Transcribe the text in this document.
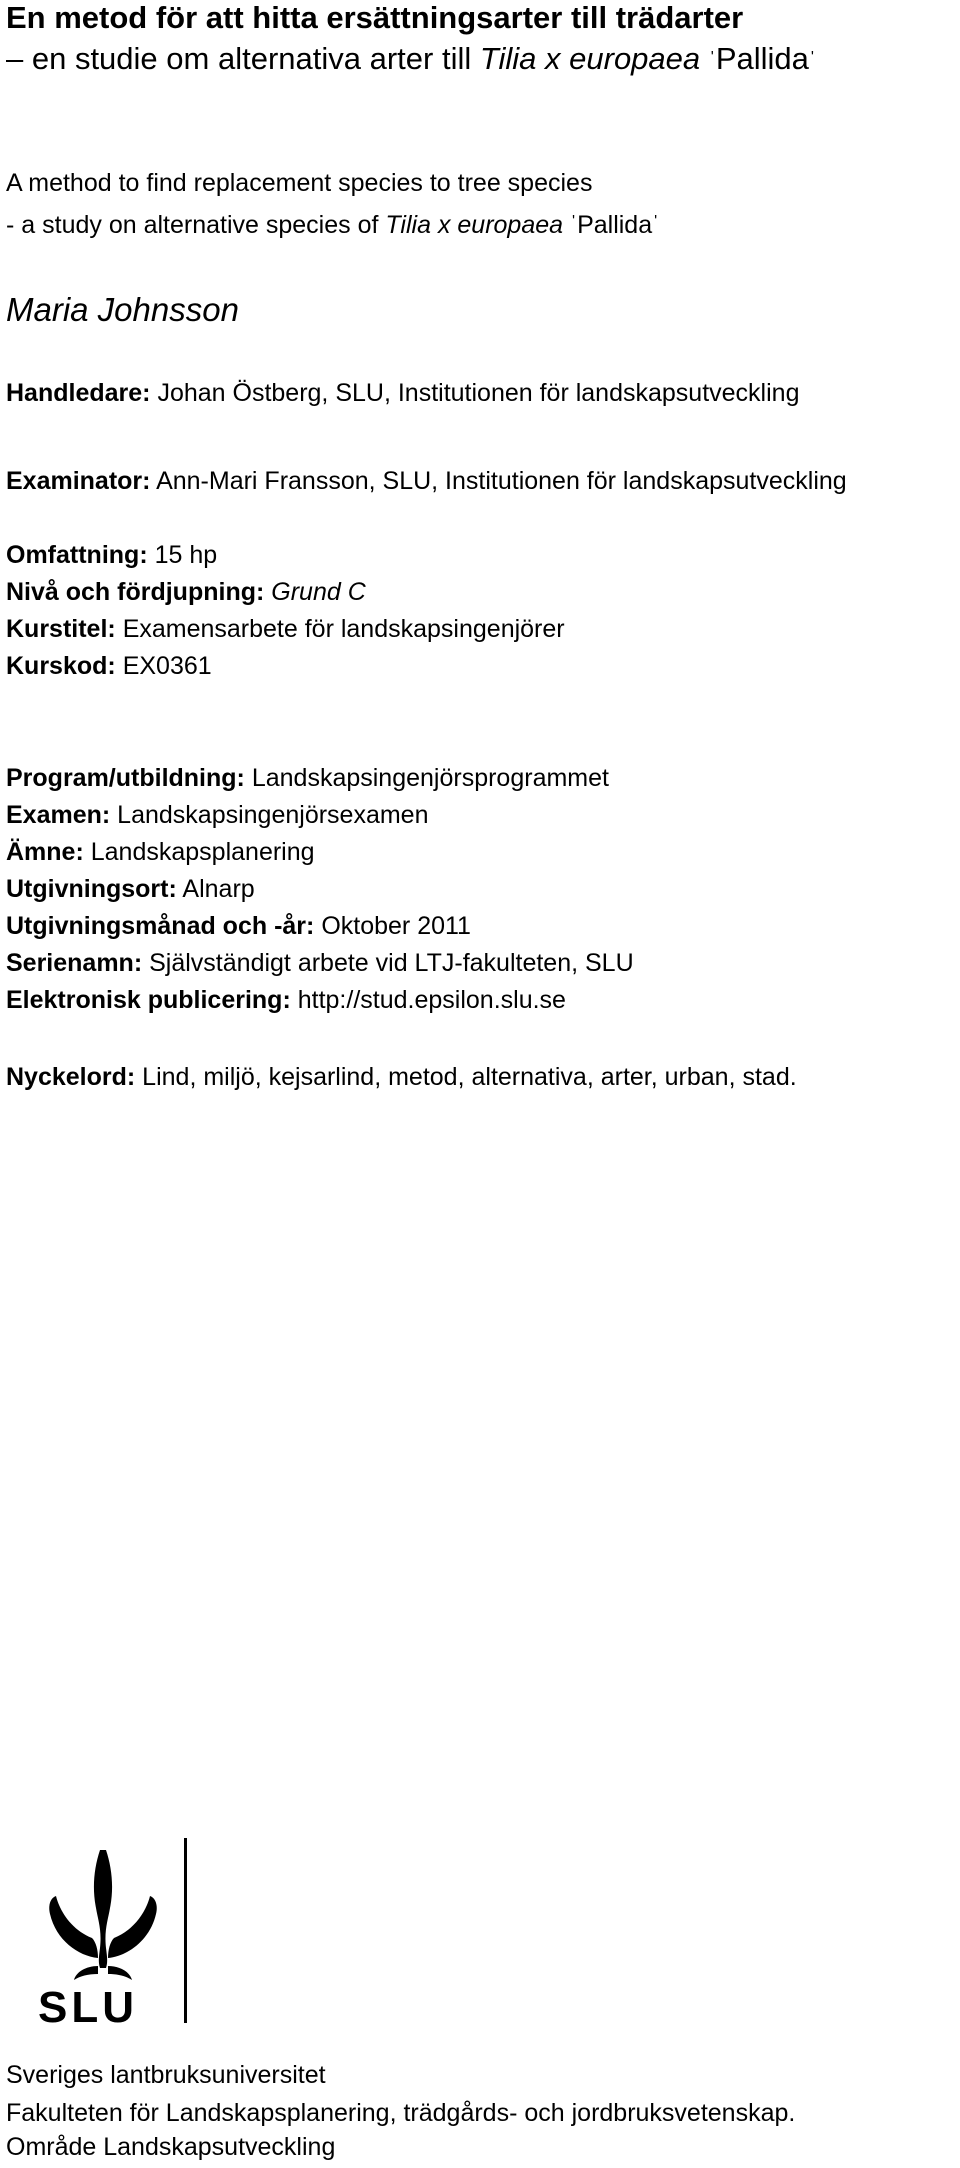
En metod för att hitta ersättningsarter till trädarter
– en studie om alternativa arter till Tilia x europaea 'Pallida '
A method to find replacement species to tree species
- a study on alternative species of Tilia x europaea 'Pallida '
Maria Johnsson
Handledare: Johan Östberg, SLU, Institutionen för landskapsutveckling
Examinator: Ann-Mari Fransson, SLU, Institutionen för landskapsutveckling
Omfattning: 15 hp
Nivå och fördjupning: Grund C
Kurstitel: Examensarbete för landskapsingenjörer
Kurskod: EX0361
Program/utbildning: Landskapsingenjörsprogrammet
Examen: Landskapsingenjörsexamen
Ämne: Landskapsplanering
Utgivningsort: Alnarp
Utgivningsmånad och -år: Oktober 2011
Serienamn: Självständigt arbete vid LTJ-fakulteten, SLU
Elektronisk publicering: http://stud.epsilon.slu.se
Nyckelord: Lind, miljö, kejsarlind, metod, alternativa, arter, urban, stad.
SLU
Sveriges lantbruksuniversitet
Fakulteten för Landskapsplanering, trädgårds- och jordbruksvetenskap.
Område Landskapsutveckling
